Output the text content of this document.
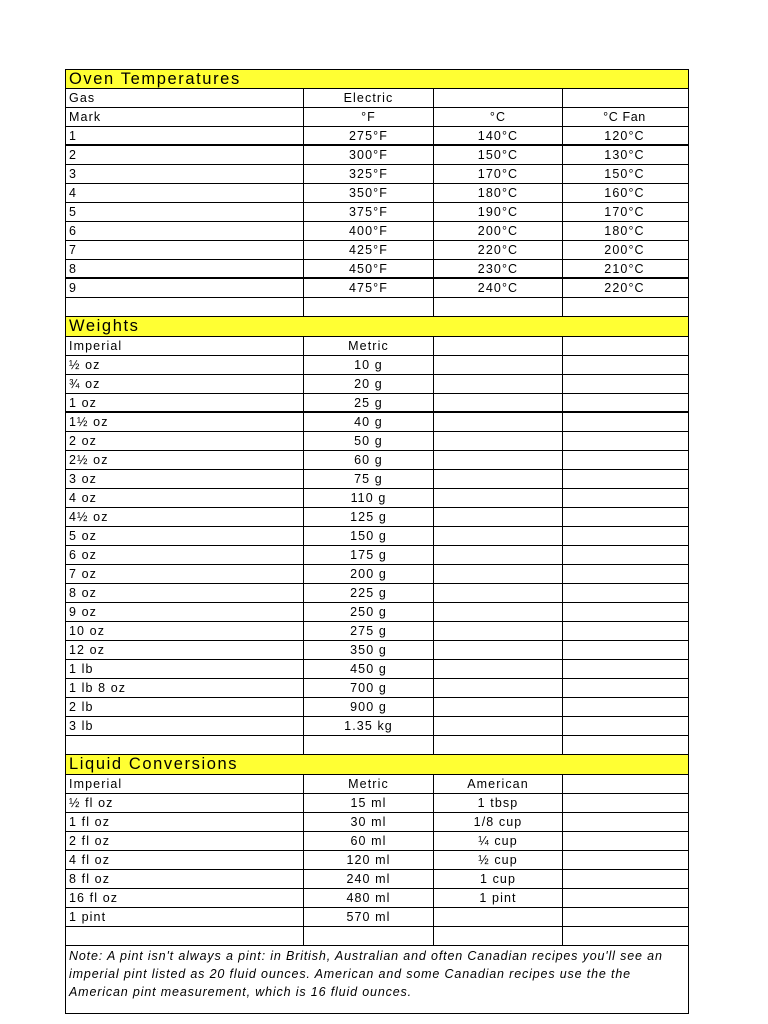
Oven Temperatures
Gas	Electric
Mark	°F	°C	°C Fan
1	275°F	140°C	120°C
2	300°F	150°C	130°C
3	325°F	170°C	150°C
4	350°F	180°C	160°C
5	375°F	190°C	170°C
6	400°F	200°C	180°C
7	425°F	220°C	200°C
8	450°F	230°C	210°C
9	475°F	240°C	220°C
Weights
Imperial	Metric
½ oz	10 g
¾ oz	20 g
1 oz	25 g
1½ oz	40 g
2 oz	50 g
2½ oz	60 g
3 oz	75 g
4 oz	110 g
4½ oz	125 g
5 oz	150 g
6 oz	175 g
7 oz	200 g
8 oz	225 g
9 oz	250 g
10 oz	275 g
12 oz	350 g
1 lb	450 g
1 lb 8 oz	700 g
2 lb	900 g
3 lb	1.35 kg
Liquid Conversions
Imperial	Metric	American
½ fl oz	15 ml	1 tbsp
1 fl oz	30 ml	1/8 cup
2 fl oz	60 ml	¼ cup
4 fl oz	120 ml	½ cup
8 fl oz	240 ml	1 cup
16 fl oz	480 ml	1 pint
1 pint	570 ml
Note: A pint isn't always a pint: in British, Australian and often Canadian recipes you'll see an imperial pint listed as 20 fluid ounces. American and some Canadian recipes use the the American pint measurement, which is 16 fluid ounces.
